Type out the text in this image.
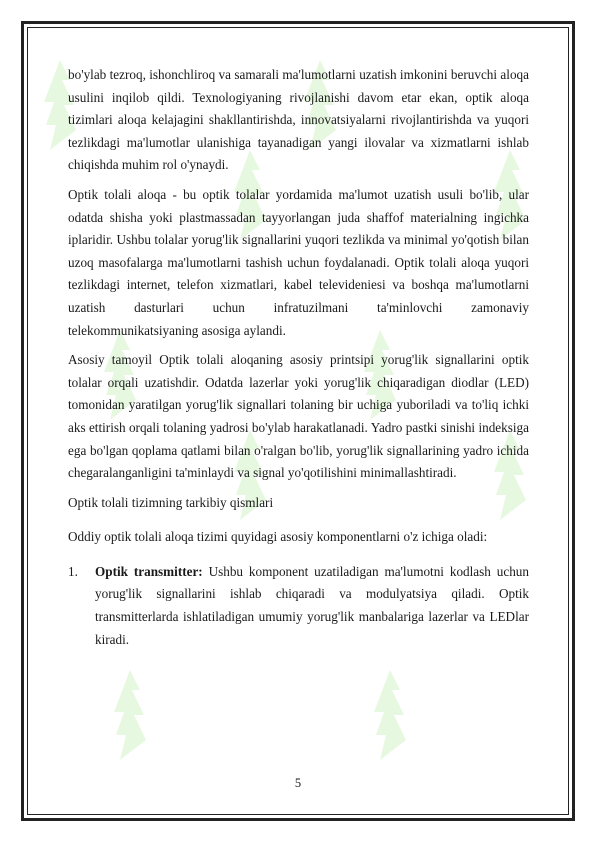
bo'ylab tezroq, ishonchliroq va samarali ma'lumotlarni uzatish imkonini beruvchi aloqa usulini inqilob qildi. Texnologiyaning rivojlanishi davom etar ekan, optik aloqa tizimlari aloqa kelajagini shakllantirishda, innovatsiyalarni rivojlantirishda va yuqori tezlikdagi ma'lumotlar ulanishiga tayanadigan yangi ilovalar va xizmatlarni ishlab chiqishda muhim rol o'ynaydi.

Optik tolali aloqa - bu optik tolalar yordamida ma'lumot uzatish usuli bo'lib, ular odatda shisha yoki plastmassadan tayyorlangan juda shaffof materialning ingichka iplaridir. Ushbu tolalar yorug'lik signallarini yuqori tezlikda va minimal yo'qotish bilan uzoq masofalarga ma'lumotlarni tashish uchun foydalanadi. Optik tolali aloqa yuqori tezlikdagi internet, telefon xizmatlari, kabel televideniesi va boshqa ma'lumotlarni uzatish dasturlari uchun infratuzilmani ta'minlovchi zamonaviy telekommunikatsiyaning asosiga aylandi.

Asosiy tamoyil Optik tolali aloqaning asosiy printsipi yorug'lik signallarini optik tolalar orqali uzatishdir. Odatda lazerlar yoki yorug'lik chiqaradigan diodlar (LED) tomonidan yaratilgan yorug'lik signallari tolaning bir uchiga yuboriladi va to'liq ichki aks ettirish orqali tolaning yadrosi bo'ylab harakatlanadi. Yadro pastki sinishi indeksiga ega bo'lgan qoplama qatlami bilan o'ralgan bo'lib, yorug'lik signallarining yadro ichida chegaralanganligini ta'minlaydi va signal yo'qotilishini minimallashtiradi.

Optik tolali tizimning tarkibiy qismlari

Oddiy optik tolali aloqa tizimi quyidagi asosiy komponentlarni o'z ichiga oladi:

1. Optik transmitter: Ushbu komponent uzatiladigan ma'lumotni kodlash uchun yorug'lik signallarini ishlab chiqaradi va modulyatsiya qiladi. Optik transmitterlarda ishlatiladigan umumiy yorug'lik manbalariga lazerlar va LEDlar kiradi.
5
